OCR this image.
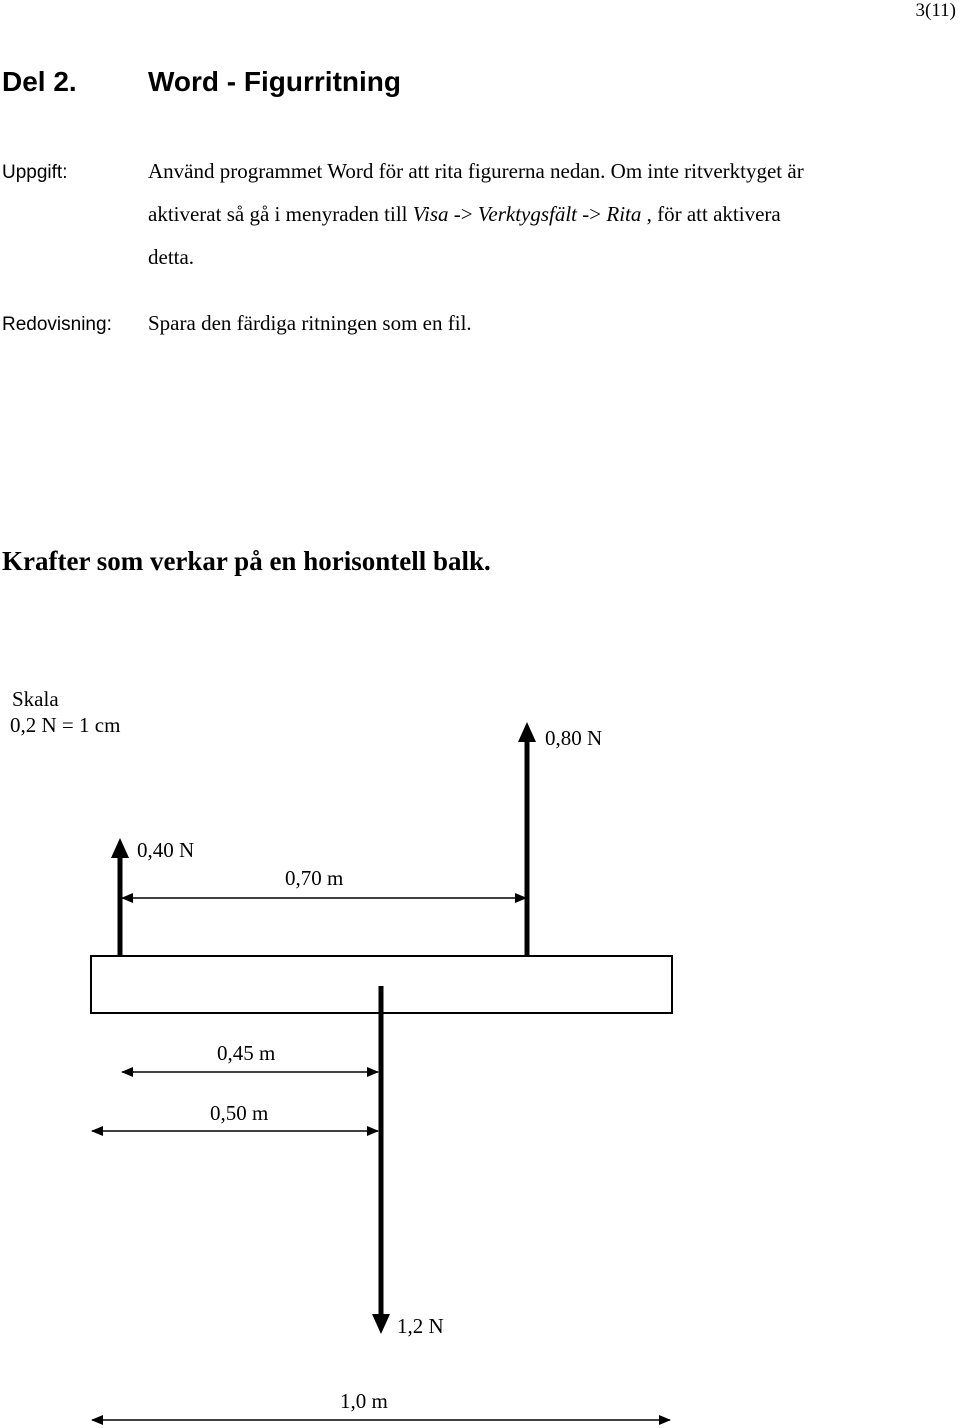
3(11)
Del 2.	Word - Figurritning
Uppgift:	Använd programmet Word för att rita figurerna nedan. Om inte ritverktyget är
aktiverat så gå i menyraden till Visa -> Verktygsfält -> Rita , för att aktivera
detta.
Redovisning: Spara den färdiga ritningen som en fil.
Krafter som verkar på en horisontell balk.
Skala
0,2 N = 1 cm
0,40 N
0,80 N
0,70 m
1,2 N
0,45 m
0,50 m
1,0 m
